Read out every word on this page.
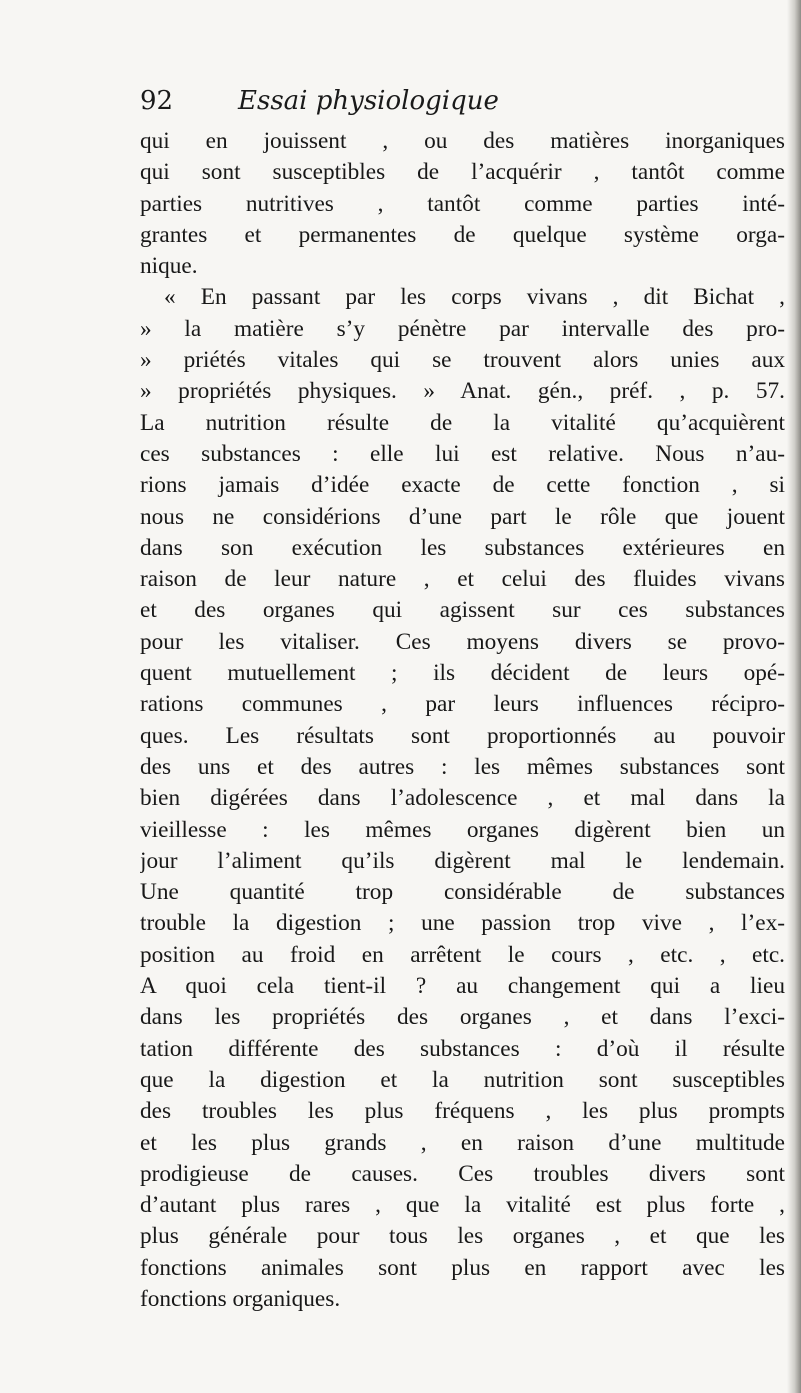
92 Essai physiologique
qui en jouissent , ou des matières inorganiques
qui sont susceptibles de l’acquérir , tantôt comme
parties nutritives , tantôt comme parties inté-
grantes et permanentes de quelque système orga-
nique.
« En passant par les corps vivans , dit Bichat ,
» la matière s’y pénètre par intervalle des pro-
» priétés vitales qui se trouvent alors unies aux
» propriétés physiques. » Anat. gén., préf. , p. 57.
La nutrition résulte de la vitalité qu’acquièrent
ces substances : elle lui est relative. Nous n’au-
rions jamais d’idée exacte de cette fonction , si
nous ne considérions d’une part le rôle que jouent
dans son exécution les substances extérieures en
raison de leur nature , et celui des fluides vivans
et des organes qui agissent sur ces substances
pour les vitaliser. Ces moyens divers se provo-
quent mutuellement ; ils décident de leurs opé-
rations communes , par leurs influences récipro-
ques. Les résultats sont proportionnés au pouvoir
des uns et des autres : les mêmes substances sont
bien digérées dans l’adolescence , et mal dans la
vieillesse : les mêmes organes digèrent bien un
jour l’aliment qu’ils digèrent mal le lendemain.
Une quantité trop considérable de substances
trouble la digestion ; une passion trop vive , l’ex-
position au froid en arrêtent le cours , etc. , etc.
A quoi cela tient-il ? au changement qui a lieu
dans les propriétés des organes , et dans l’exci-
tation différente des substances : d’où il résulte
que la digestion et la nutrition sont susceptibles
des troubles les plus fréquens , les plus prompts
et les plus grands , en raison d’une multitude
prodigieuse de causes. Ces troubles divers sont
d’autant plus rares , que la vitalité est plus forte ,
plus générale pour tous les organes , et que les
fonctions animales sont plus en rapport avec les
fonctions organiques.
